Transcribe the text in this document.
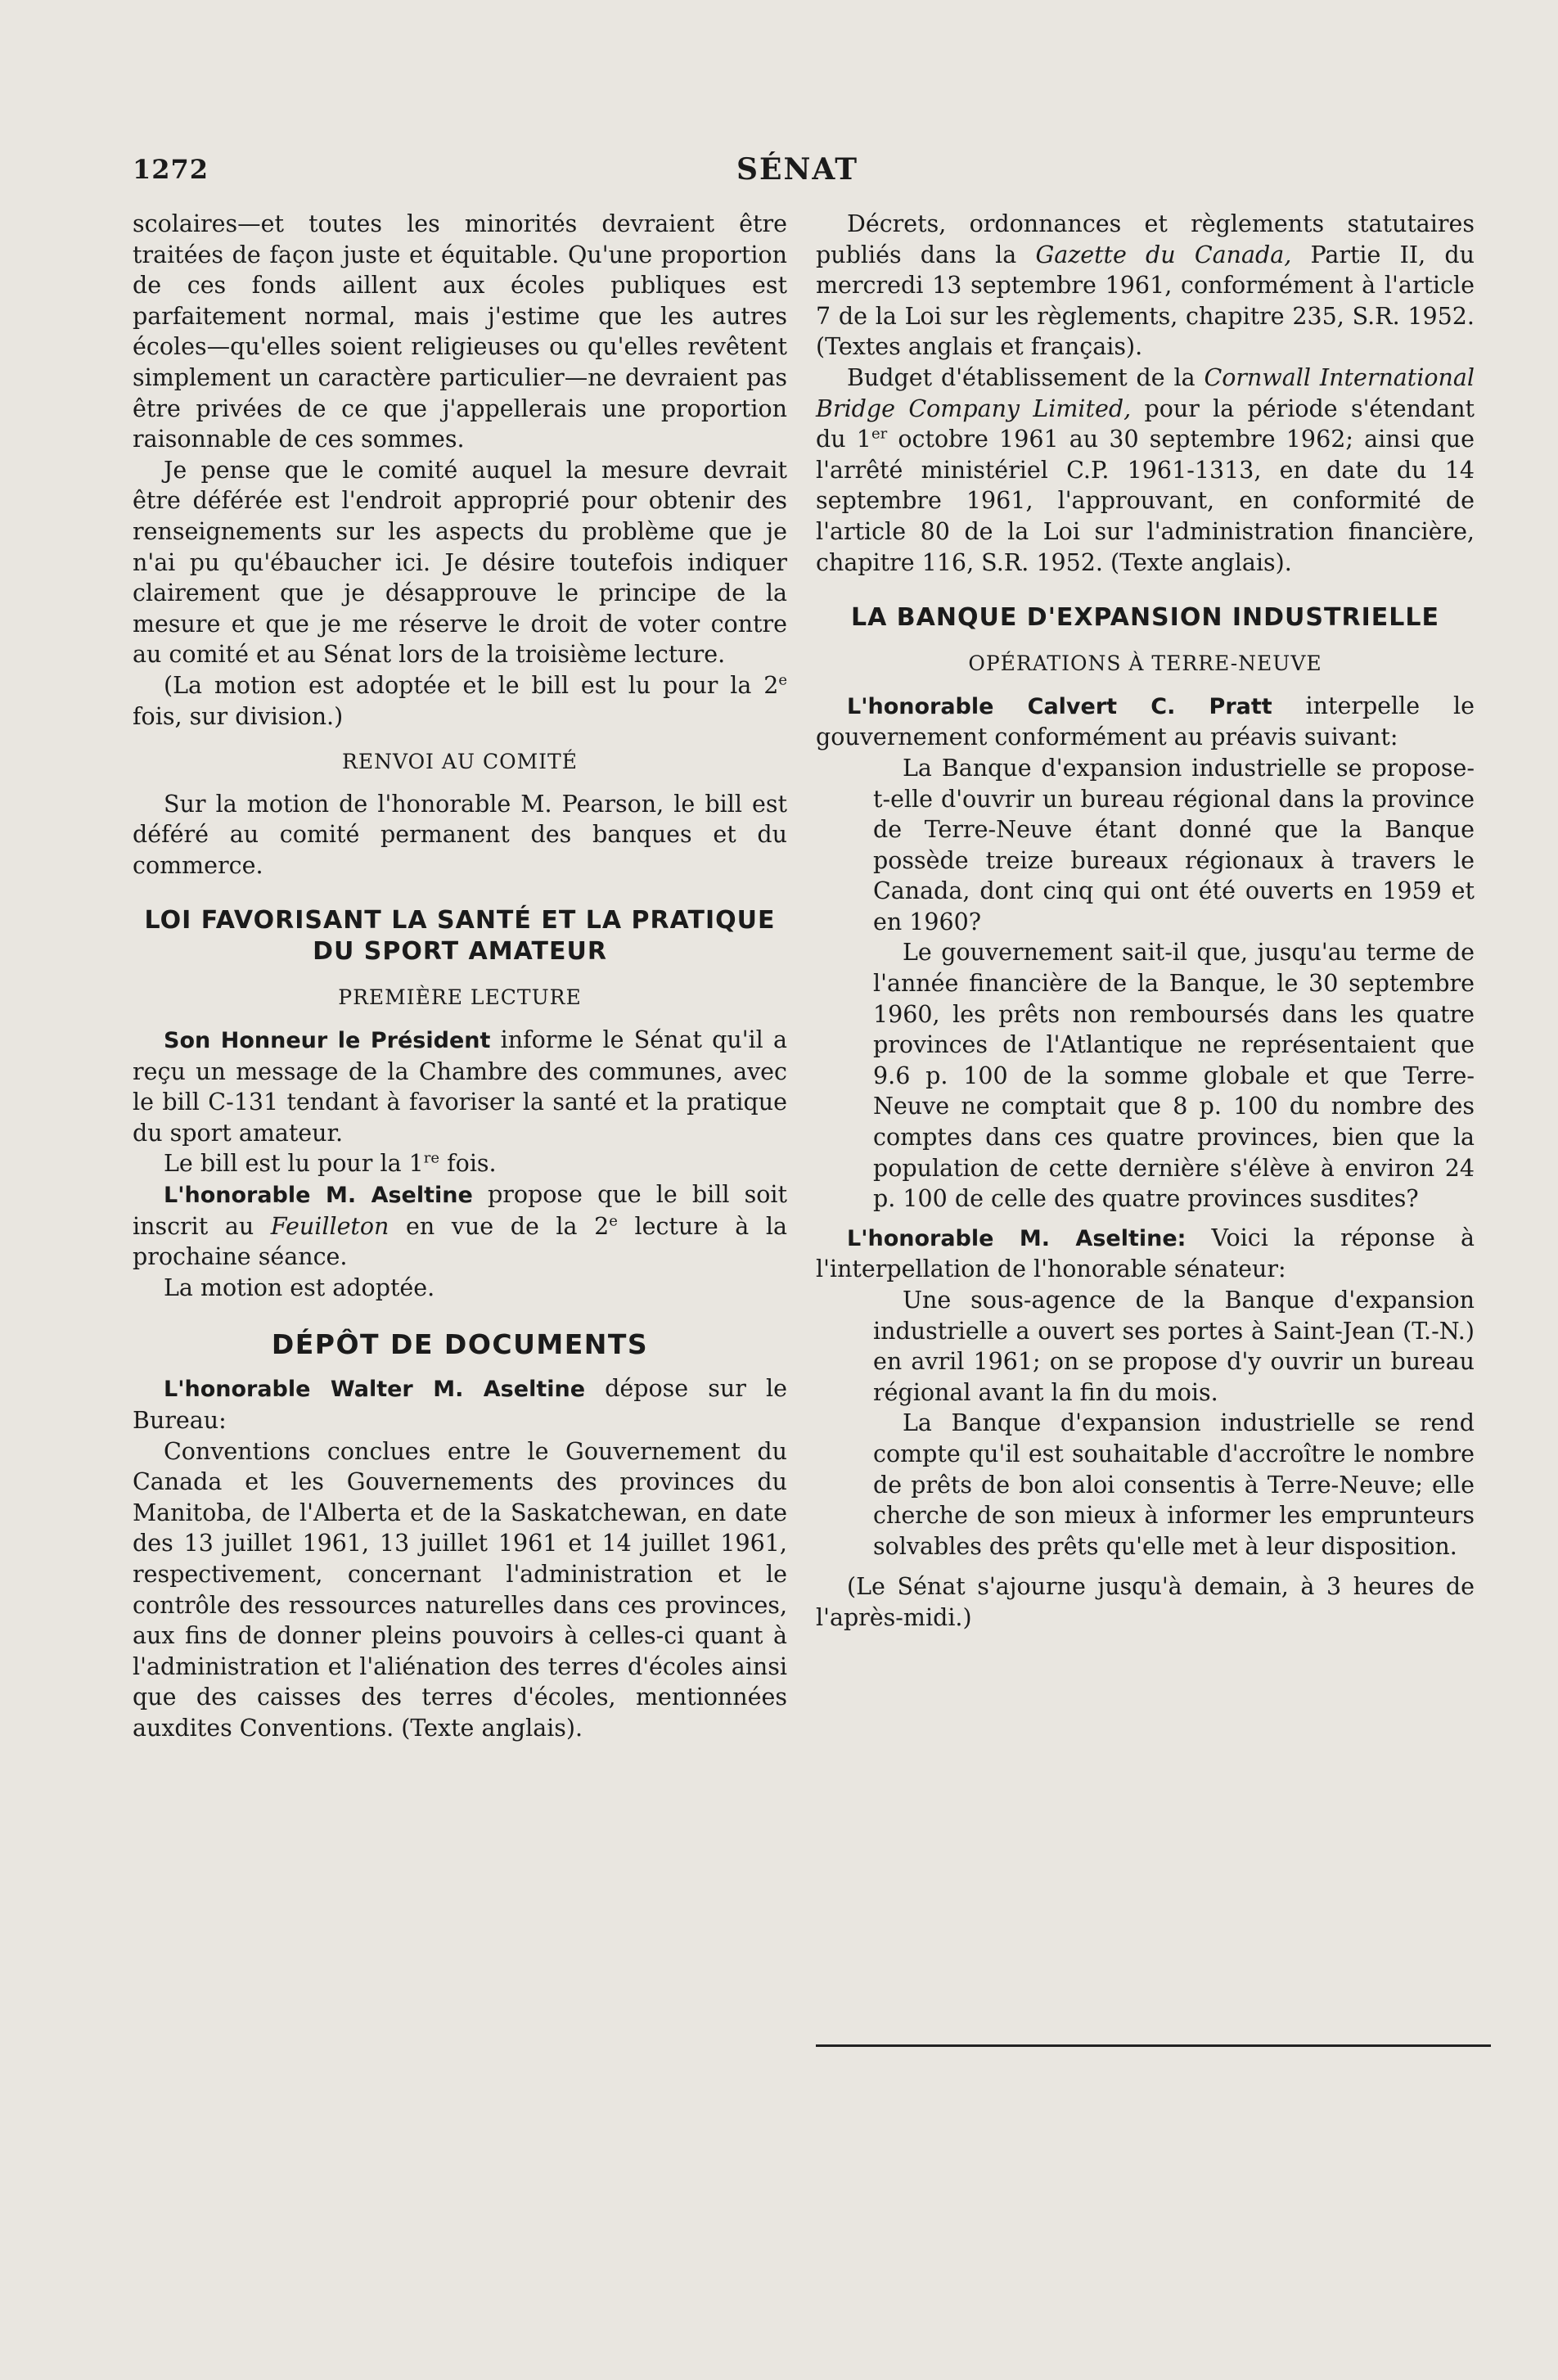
1272	SÉNAT

scolaires—et toutes les minorités devraient être traitées de façon juste et équitable. Qu'une proportion de ces fonds aillent aux écoles publiques est parfaitement normal, mais j'estime que les autres écoles—qu'elles soient religieuses ou qu'elles revêtent simplement un caractère particulier—ne devraient pas être privées de ce que j'appellerais une proportion raisonnable de ces sommes.

Je pense que le comité auquel la mesure devrait être déférée est l'endroit approprié pour obtenir des renseignements sur les aspects du problème que je n'ai pu qu'ébaucher ici. Je désire toutefois indiquer clairement que je désapprouve le principe de la mesure et que je me réserve le droit de voter contre au comité et au Sénat lors de la troisième lecture.

(La motion est adoptée et le bill est lu pour la 2e fois, sur division.)

RENVOI AU COMITÉ

Sur la motion de l'honorable M. Pearson, le bill est déféré au comité permanent des banques et du commerce.

LOI FAVORISANT LA SANTÉ ET LA PRATIQUE DU SPORT AMATEUR

PREMIÈRE LECTURE

Son Honneur le Président informe le Sénat qu'il a reçu un message de la Chambre des communes, avec le bill C-131 tendant à favoriser la santé et la pratique du sport amateur.

Le bill est lu pour la 1re fois.

L'honorable M. Aseltine propose que le bill soit inscrit au Feuilleton en vue de la 2e lecture à la prochaine séance.

La motion est adoptée.

DÉPÔT DE DOCUMENTS

L'honorable Walter M. Aseltine dépose sur le Bureau:

Conventions conclues entre le Gouvernement du Canada et les Gouvernements des provinces du Manitoba, de l'Alberta et de la Saskatchewan, en date des 13 juillet 1961, 13 juillet 1961 et 14 juillet 1961, respectivement, concernant l'administration et le contrôle des ressources naturelles dans ces provinces, aux fins de donner pleins pouvoirs à celles-ci quant à l'administration et l'aliénation des terres d'écoles ainsi que des caisses des terres d'écoles, mentionnées auxdites Conventions. (Texte anglais).

Décrets, ordonnances et règlements statutaires publiés dans la Gazette du Canada, Partie II, du mercredi 13 septembre 1961, conformément à l'article 7 de la Loi sur les règlements, chapitre 235, S.R. 1952. (Textes anglais et français).

Budget d'établissement de la Cornwall International Bridge Company Limited, pour la période s'étendant du 1er octobre 1961 au 30 septembre 1962; ainsi que l'arrêté ministériel C.P. 1961-1313, en date du 14 septembre 1961, l'approuvant, en conformité de l'article 80 de la Loi sur l'administration financière, chapitre 116, S.R. 1952. (Texte anglais).

LA BANQUE D'EXPANSION INDUSTRIELLE

OPÉRATIONS À TERRE-NEUVE

L'honorable Calvert C. Pratt interpelle le gouvernement conformément au préavis suivant:

La Banque d'expansion industrielle se propose-t-elle d'ouvrir un bureau régional dans la province de Terre-Neuve étant donné que la Banque possède treize bureaux régionaux à travers le Canada, dont cinq qui ont été ouverts en 1959 et en 1960?

Le gouvernement sait-il que, jusqu'au terme de l'année financière de la Banque, le 30 septembre 1960, les prêts non remboursés dans les quatre provinces de l'Atlantique ne représentaient que 9.6 p. 100 de la somme globale et que Terre-Neuve ne comptait que 8 p. 100 du nombre des comptes dans ces quatre provinces, bien que la population de cette dernière s'élève à environ 24 p. 100 de celle des quatre provinces susdites?

L'honorable M. Aseltine: Voici la réponse à l'interpellation de l'honorable sénateur:

Une sous-agence de la Banque d'expansion industrielle a ouvert ses portes à Saint-Jean (T.-N.) en avril 1961; on se propose d'y ouvrir un bureau régional avant la fin du mois.

La Banque d'expansion industrielle se rend compte qu'il est souhaitable d'accroître le nombre de prêts de bon aloi consentis à Terre-Neuve; elle cherche de son mieux à informer les emprunteurs solvables des prêts qu'elle met à leur disposition.

(Le Sénat s'ajourne jusqu'à demain, à 3 heures de l'après-midi.)
